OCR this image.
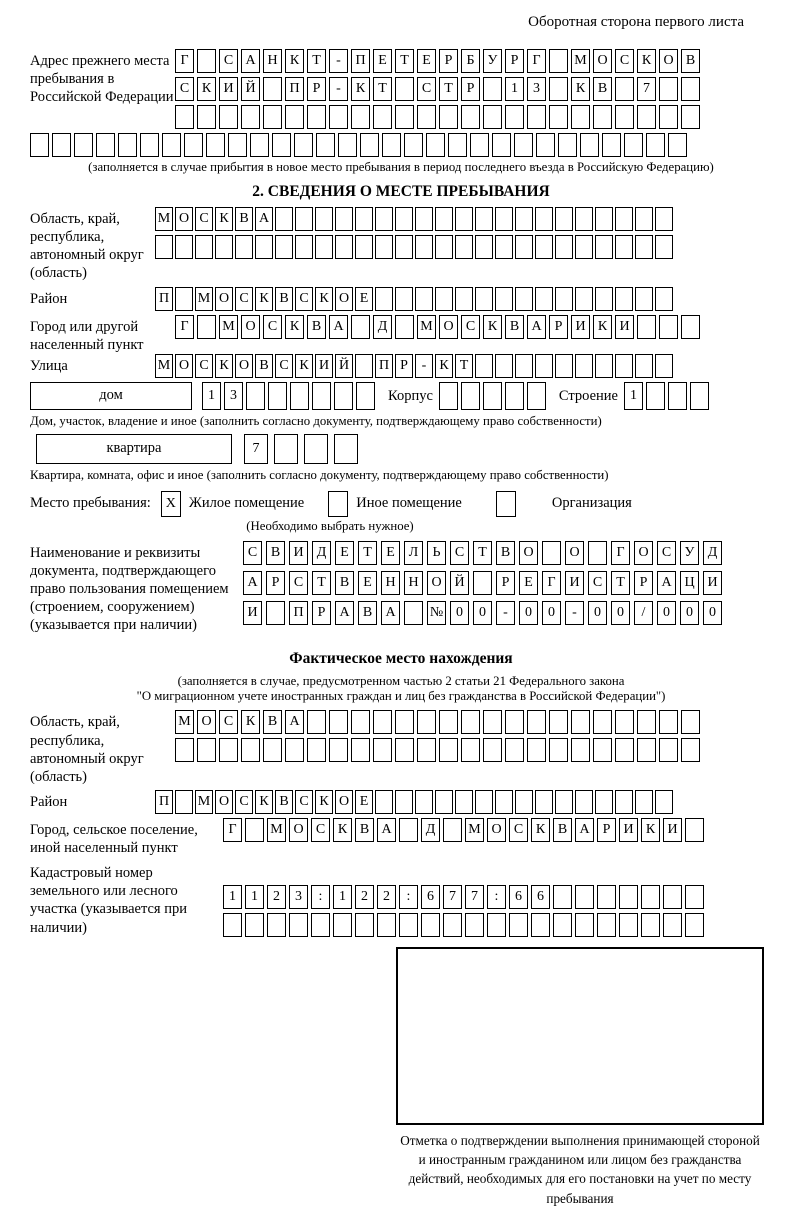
Оборотная сторона первого листа
Адрес прежнего места пребывания в Российской Федерации
Г	С А Н К Т	-	П Е Т Е Р	Б У Р	Г	М О С К О В
С К И Й	П Р	-	К Т	С Т Р	1	3	К В	7
(заполняется в случае прибытия в новое место пребывания в период последнего въезда в Российскую Федерацию)
2. СВЕДЕНИЯ О МЕСТЕ ПРЕБЫВАНИЯ
Область, край, республика, автономный округ (область)
М О С К В А
Район	П М О С К В С К О Е
Город или другой населенный пункт
Г	М О С К В А	Д	М О С К В А Р И К И
Улица	М О С К О В С К И Й П Р - К Т
дом	1	3	Корпус	Строение 1
Дом, участок, владение и иное (заполнить согласно документу, подтверждающему право собственности)
квартира	7
Квартира, комната, офис и иное (заполнить согласно документу, подтверждающему право собственности)
Место пребывания:	X Жилое помещение	Иное помещение	Организация
(Необходимо выбрать нужное)
Наименование и реквизиты документа, подтверждающего право пользования помещением (строением, сооружением) (указывается при наличии)
С В И Д Е	Т	Е Л	Ь	С	Т	В О	О	Г О С У Д
А	Р	С	Т	В	Е Н Н О Й	Р	Е	Г И С	Т	Р	А Ц И
И	П	Р	А В А	№ 0	0	-	0	0	-	0	0	/	0	0	0
Фактическое место нахождения
(заполняется в случае, предусмотренном частью 2 статьи 21 Федерального закона
"О миграционном учете иностранных граждан и лиц без гражданства в Российской Федерации")
Область, край, республика, автономный округ (область)
М О С К В А
Район	П М О С К В С К О Е
Город, сельское поселение, иной населенный пункт
Г	М О С К В А	Д	М О С К В А Р И К И
Кадастровый номер земельного или лесного участка (указывается при наличии)
1	1	2	3	:	1	2	2	:	6	7	7	:	6	6
Отметка о подтверждении выполнения принимающей стороной и иностранным гражданином или лицом без гражданства действий, необходимых для его постановки на учет по месту пребывания
